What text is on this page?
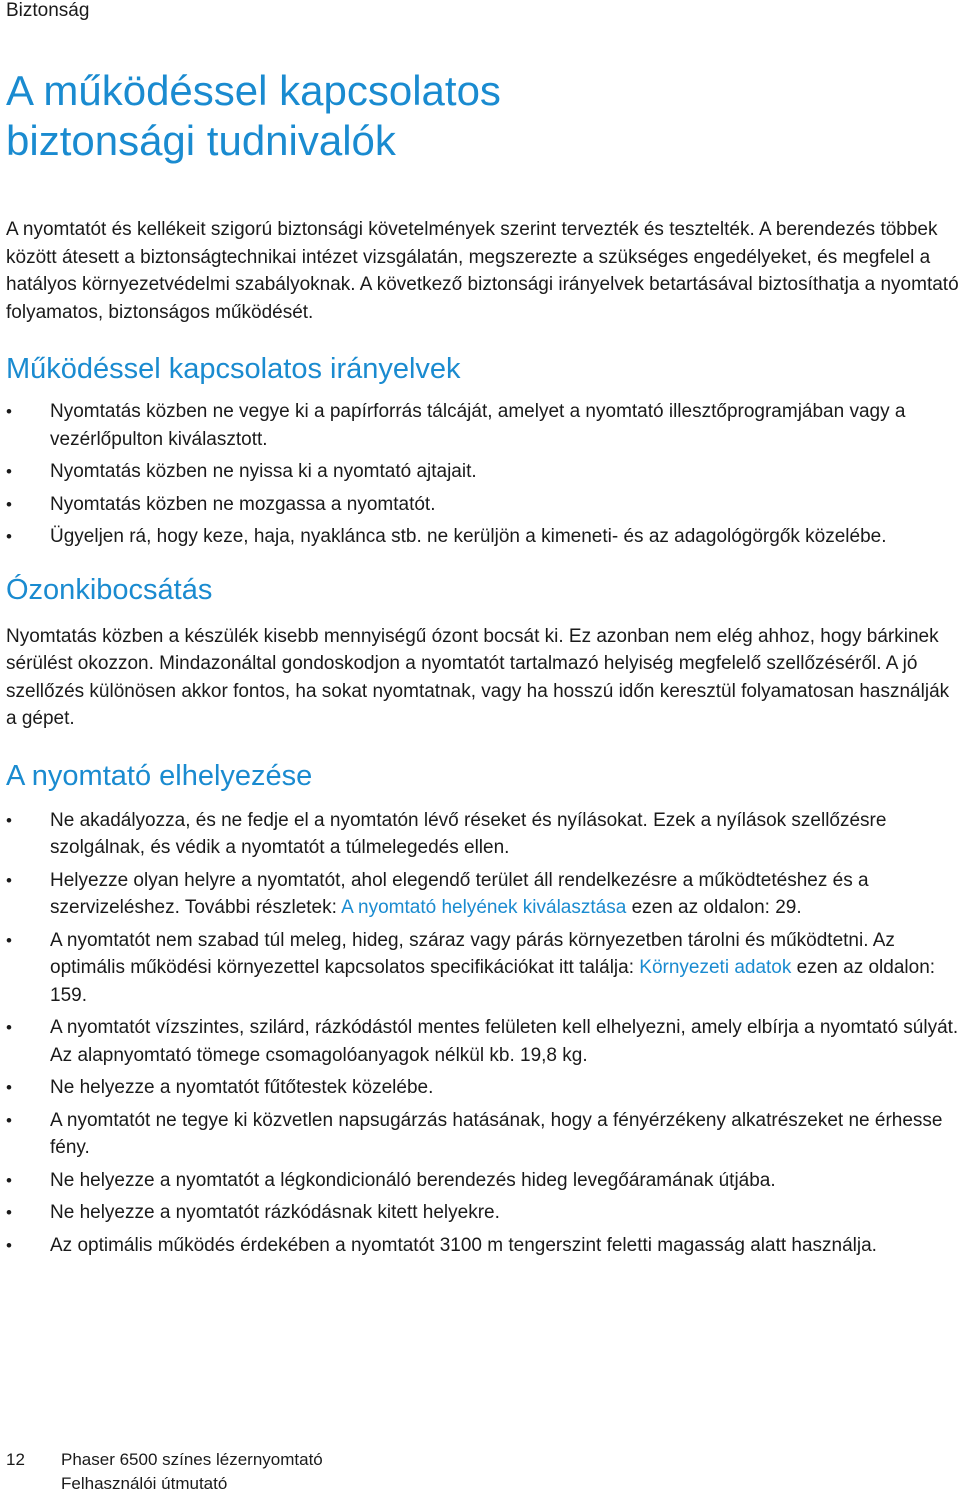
Biztonság
A működéssel kapcsolatos
biztonsági tudnivalók

A nyomtatót és kellékeit szigorú biztonsági követelmények szerint tervezték és tesztelték. A berendezés többek között átesett a biztonságtechnikai intézet vizsgálatán, megszerezte a szükséges engedélyeket, és megfelel a hatályos környezetvédelmi szabályoknak. A következő biztonsági irányelvek betartásával biztosíthatja a nyomtató folyamatos, biztonságos működését.

Működéssel kapcsolatos irányelvek
• Nyomtatás közben ne vegye ki a papírforrás tálcáját, amelyet a nyomtató illesztőprogramjában vagy a vezérlőpulton kiválasztott.
• Nyomtatás közben ne nyissa ki a nyomtató ajtajait.
• Nyomtatás közben ne mozgassa a nyomtatót.
• Ügyeljen rá, hogy keze, haja, nyaklánca stb. ne kerüljön a kimeneti- és az adagológörgők közelébe.
Ózonkibocsátás

Nyomtatás közben a készülék kisebb mennyiségű ózont bocsát ki. Ez azonban nem elég ahhoz, hogy bárkinek sérülést okozzon. Mindazonáltal gondoskodjon a nyomtatót tartalmazó helyiség megfelelő szellőzéséről. A jó szellőzés különösen akkor fontos, ha sokat nyomtatnak, vagy ha hosszú időn keresztül folyamatosan használják a gépet.

A nyomtató elhelyezése
• Ne akadályozza, és ne fedje el a nyomtatón lévő réseket és nyílásokat. Ezek a nyílások szellőzésre szolgálnak, és védik a nyomtatót a túlmelegedés ellen.
• Helyezze olyan helyre a nyomtatót, ahol elegendő terület áll rendelkezésre a működtetéshez és a szervizeléshez. További részletek: A nyomtató helyének kiválasztása ezen az oldalon: 29.
• A nyomtatót nem szabad túl meleg, hideg, száraz vagy párás környezetben tárolni és működtetni. Az optimális működési környezettel kapcsolatos specifikációkat itt találja: Környezeti adatok ezen az oldalon: 159.
• A nyomtatót vízszintes, szilárd, rázkódástól mentes felületen kell elhelyezni, amely elbírja a nyomtató súlyát. Az alapnyomtató tömege csomagolóanyagok nélkül kb. 19,8 kg.
• Ne helyezze a nyomtatót fűtőtestek közelébe.
• A nyomtatót ne tegye ki közvetlen napsugárzás hatásának, hogy a fényérzékeny alkatrészeket ne érhesse fény.
• Ne helyezze a nyomtatót a légkondicionáló berendezés hideg levegőáramának útjába.
• Ne helyezze a nyomtatót rázkódásnak kitett helyekre.
• Az optimális működés érdekében a nyomtatót 3100 m tengerszint feletti magasság alatt használja.
12 Phaser 6500 színes lézernyomtató
Felhasználói útmutató
